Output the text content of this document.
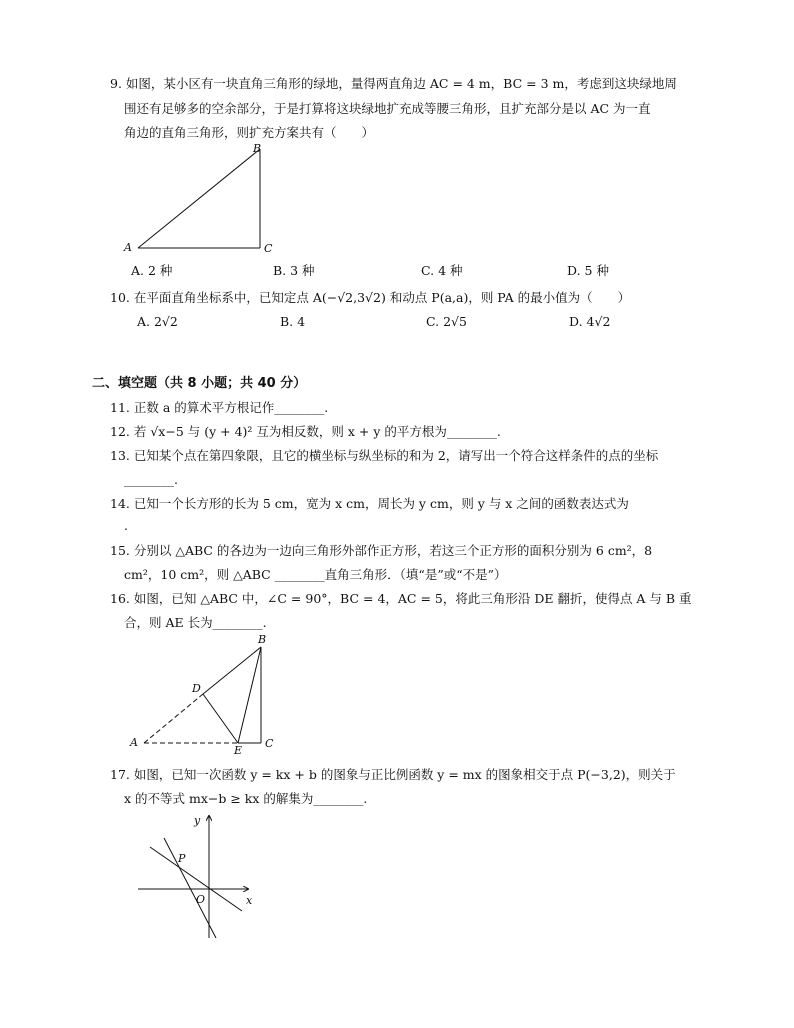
9. 如图，某小区有一块直角三角形的绿地，量得两直角边 AC = 4 m，BC = 3 m，考虑到这块绿地周
围还有足够多的空余部分，于是打算将这块绿地扩充成等腰三角形，且扩充部分是以 AC 为一直
角边的直角三角形，则扩充方案共有（　　）
A
B
C
A. 2 种	B. 3 种	C. 4 种	D. 5 种
10. 在平面直角坐标系中，已知定点 A(−√2,3√2) 和动点 P(a,a)，则 PA 的最小值为（　　）
A. 2√2	B. 4	C. 2√5	D. 4√2
二、填空题（共 8 小题；共 40 分）
11. 正数 a 的算术平方根记作________.
12. 若 √x−5 与 (y + 4)² 互为相反数，则 x + y 的平方根为________.
13. 已知某个点在第四象限，且它的横坐标与纵坐标的和为 2，请写出一个符合这样条件的点的坐标
________.
14. 已知一个长方形的长为 5 cm，宽为 x cm，周长为 y cm，则 y 与 x 之间的函数表达式为
.
15. 分别以 △ABC 的各边为一边向三角形外部作正方形，若这三个正方形的面积分别为 6 cm²，8
cm²，10 cm²，则 △ABC ________直角三角形．（填“是”或“不是”）
16. 如图，已知 △ABC 中，∠C = 90°，BC = 4，AC = 5，将此三角形沿 DE 翻折，使得点 A 与 B 重
合，则 AE 长为________.
A
B
C
D
E
17. 如图，已知一次函数 y = kx + b 的图象与正比例函数 y = mx 的图象相交于点 P(−3,2)，则关于
x 的不等式 mx−b ≥ kx 的解集为________.
y
x
P
O
